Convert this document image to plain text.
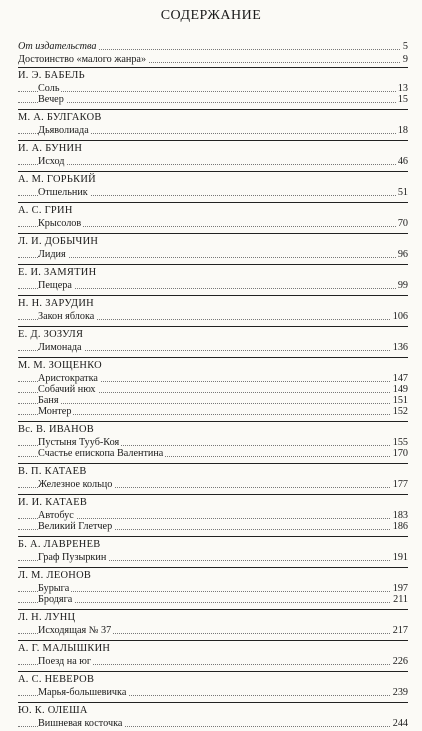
СОДЕРЖАНИЕ
От издательства	5
Достоинство «малого жанра»	9
И. Э. БАБЕЛЬ
Соль	13
Вечер	15
М. А. БУЛГАКОВ
Дьяволиада	18
И. А. БУНИН
Исход	46
А. М. ГОРЬКИЙ
Отшельник	51
А. С. ГРИН
Крысолов	70
Л. И. ДОБЫЧИН
Лидия	96
Е. И. ЗАМЯТИН
Пещера	99
Н. Н. ЗАРУДИН
Закон яблока	106
Е. Д. ЗОЗУЛЯ
Лимонада	136
М. М. ЗОЩЕНКО
Аристократка	147
Собачий нюх	149
Баня	151
Монтер	152
Вс. В. ИВАНОВ
Пустыня Тууб-Коя	155
Счастье епископа Валентина	170
В. П. КАТАЕВ
Железное кольцо	177
И. И. КАТАЕВ
Автобус	183
Великий Глетчер	186
Б. А. ЛАВРЕНЕВ
Граф Пузыркин	191
Л. М. ЛЕОНОВ
Бурыга	197
Бродяга	211
Л. Н. ЛУНЦ
Исходящая № 37	217
А. Г. МАЛЫШКИН
Поезд на юг	226
А. С. НЕВЕРОВ
Марья-большевичка	239
Ю. К. ОЛЕША
Вишневая косточка	244
